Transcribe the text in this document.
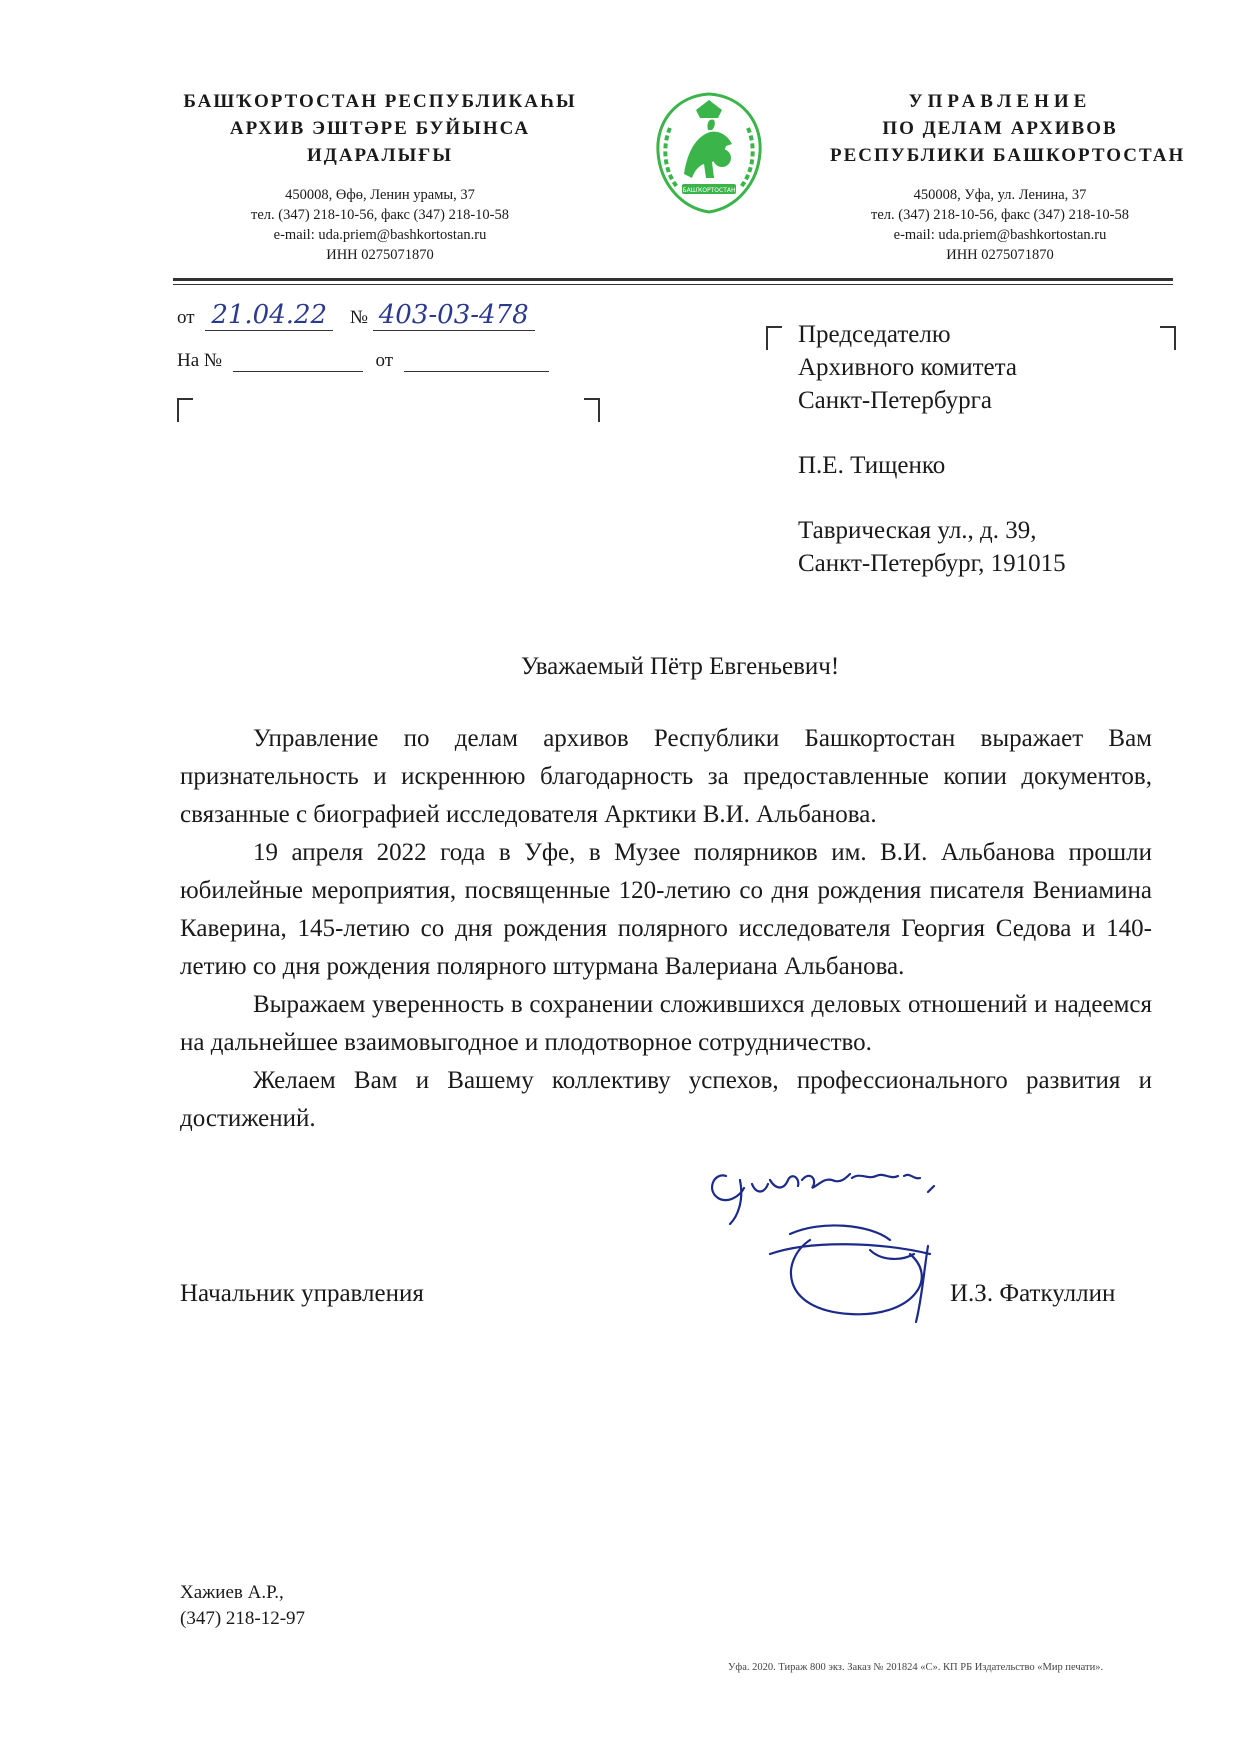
БАШҠОРТОСТАН РЕСПУБЛИКАҺЫ
АРХИВ ЭШТӘРЕ БУЙЫНСА
ИДАРАЛЫҒЫ
450008, Өфө, Ленин урамы, 37
тел. (347) 218-10-56, факс (347) 218-10-58
e-mail: uda.priem@bashkortostan.ru
ИНН 0275071870
БАШҠОРТОСТАН
УПРАВЛЕНИЕ
ПО ДЕЛАМ АРХИВОВ
РЕСПУБЛИКИ БАШКОРТОСТАН
450008, Уфа, ул. Ленина, 37
тел. (347) 218-10-56, факс (347) 218-10-58
e-mail: uda.priem@bashkortostan.ru
ИНН 0275071870
от 21.04.22 № 403-03-478
На №	от
Председателю
Архивного комитета
Санкт-Петербурга
П.Е. Тищенко
Таврическая ул., д. 39,
Санкт-Петербург, 191015
Уважаемый Пётр Евгеньевич!

Управление по делам архивов Республики Башкортостан выражает Вам признательность и искреннюю благодарность за предоставленные копии документов, связанные с биографией исследователя Арктики В.И. Альбанова.

19 апреля 2022 года в Уфе, в Музее полярников им. В.И. Альбанова прошли юбилейные мероприятия, посвященные 120-летию со дня рождения писателя Вениамина Каверина, 145-летию со дня рождения полярного исследователя Георгия Седова и 140-летию со дня рождения полярного штурмана Валериана Альбанова.

Выражаем уверенность в сохранении сложившихся деловых отношений и надеемся на дальнейшее взаимовыгодное и плодотворное сотрудничество.

Желаем Вам и Вашему коллективу успехов, профессионального развития и достижений.

Начальник управления	И.З. Фаткуллин
Хажиев А.Р.,
(347) 218-12-97
Уфа. 2020. Тираж 800 экз. Заказ № 201824 «С». КП РБ Издательство «Мир печати».
